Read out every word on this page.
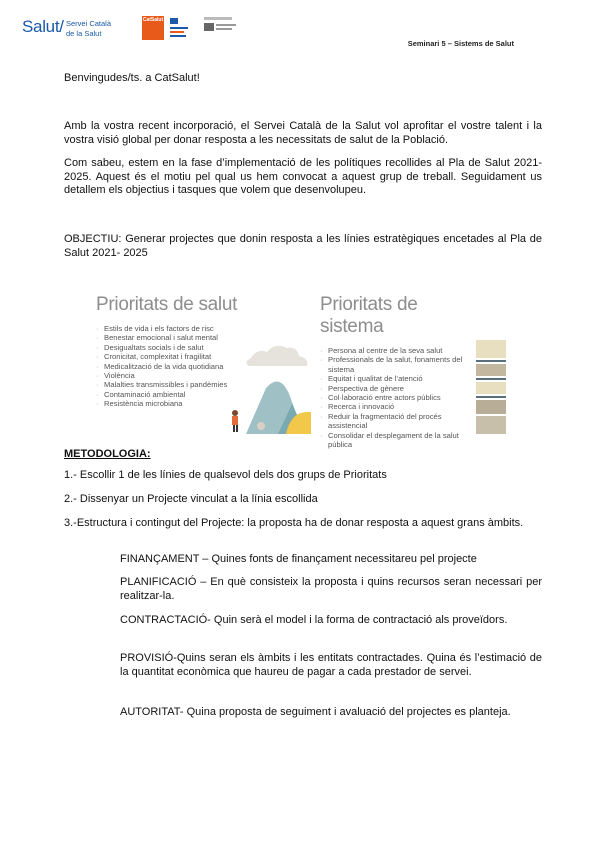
Salut / Servei Català
de la Salut
CatSalut
Seminari 5 – Sistems de Salut

Benvingudes/ts. a CatSalut!

Amb la vostra recent incorporació, el Servei Català de la Salut vol aprofitar el vostre talent i la vostra visió global per donar resposta a les necessitats de salut de la Població.

Com sabeu, estem en la fase d’implementació de les polítiques recollides al Pla de Salut 2021-2025. Aquest és el motiu pel qual us hem convocat a aquest grup de treball. Seguidament us detallem els objectius i tasques que volem que desenvolupeu.

OBJECTIU: Generar projectes que donin resposta a les línies estratègiques encetades al Pla de Salut 2021- 2025

Prioritats de salut
· Estils de vida i els factors de risc
· Benestar emocional i salut mental
· Desigualtats socials i de salut
· Cronicitat, complexitat i fragilitat
· Medicalització de la vida quotidiana
· Violència
· Malalties transmissibles i pandèmies
· Contaminació ambiental
· Resistència microbiana
Prioritats de sistema
· Persona al centre de la seva salut
· Professionals de la salut, fonaments del sistema
· Equitat i qualitat de l’atenció
· Perspectiva de gènere
· Col·laboració entre actors públics
· Recerca i innovació
· Reduir la fragmentació del procés assistencial
· Consolidar el desplegament de la salut pública

METODOLOGIA:

1.- Escollir 1 de les línies de qualsevol dels dos grups de Prioritats

2.- Dissenyar un Projecte vinculat a la línia escollida

3.-Estructura i contingut del Projecte: la proposta ha de donar resposta a aquest grans àmbits.

FINANÇAMENT – Quines fonts de finançament necessitareu pel projecte

PLANIFICACIÓ – En què consisteix la proposta i quins recursos seran necessari per realitzar-la.

CONTRACTACIÓ- Quin serà el model i la forma de contractació als proveïdors.

PROVISIÓ-Quins seran els àmbits i les entitats contractades. Quina és l’estimació de la quantitat econòmica que haureu de pagar a cada prestador de servei.

AUTORITAT- Quina proposta de seguiment i avaluació del projectes es planteja.
